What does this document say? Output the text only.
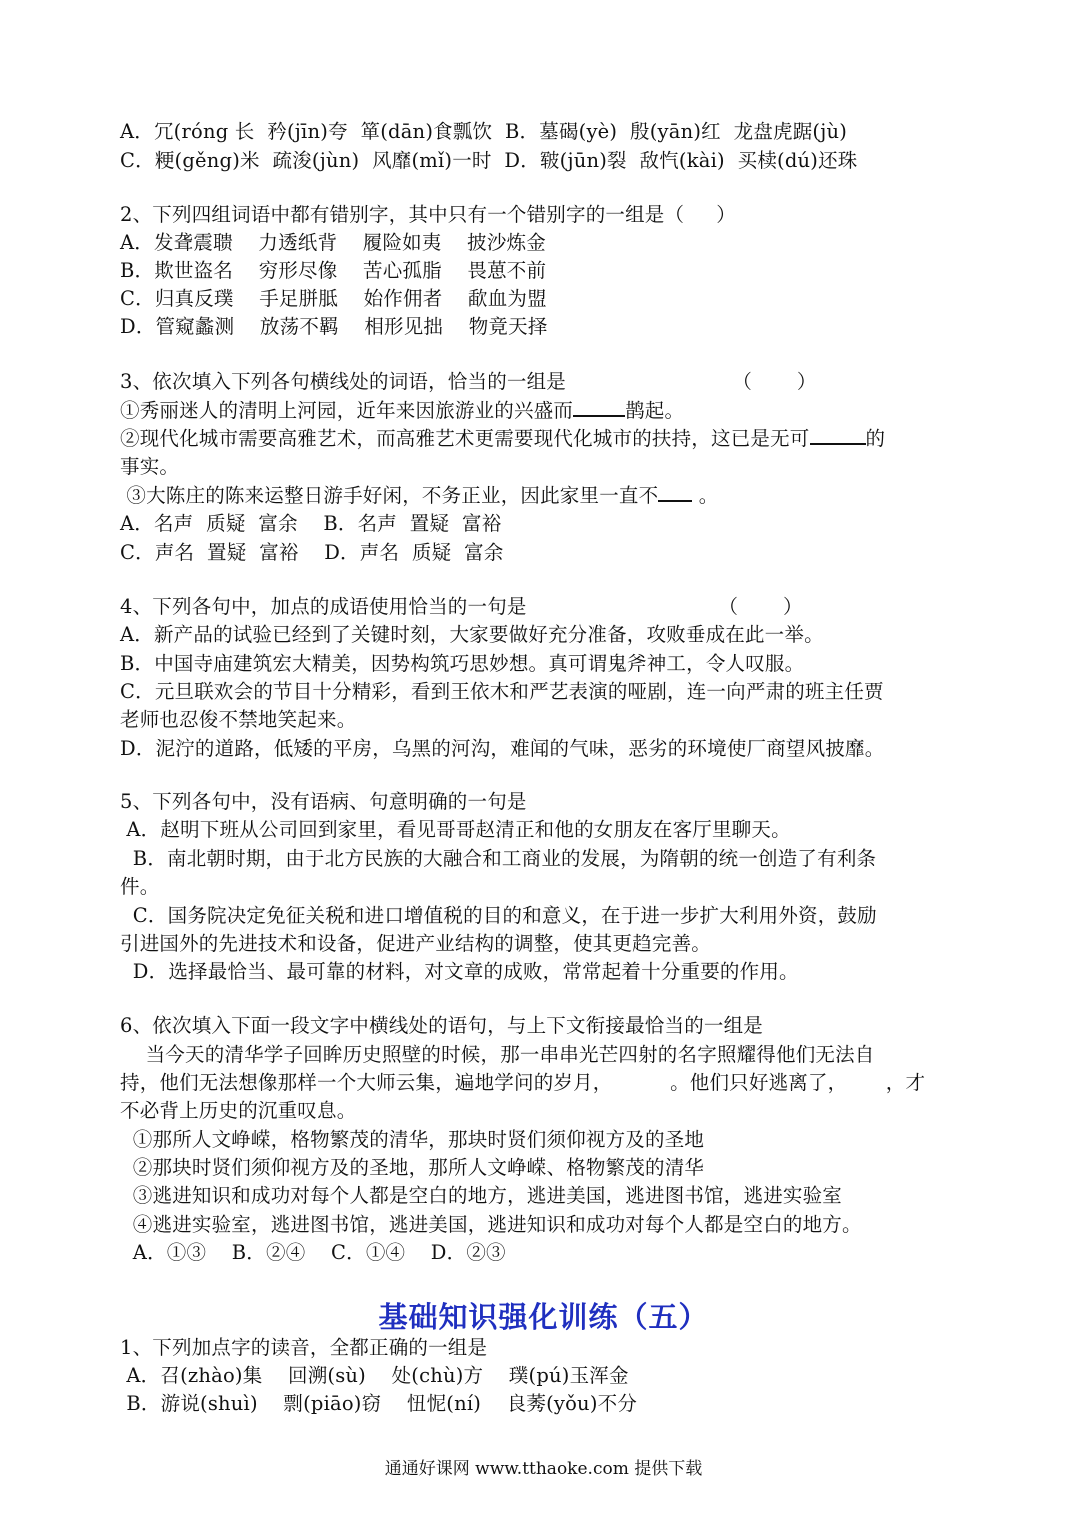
A．冗(róng 长  矜(jīn)夸  箪(dān)食瓢饮  B．墓碣(yè)  殷(yān)红  龙盘虎踞(jù)
C．粳(gěng)米  疏浚(jùn)  风靡(mǐ)一时  D．皲(jūn)裂  敌忾(kài)  买椟(dú)还珠
2、下列四组词语中都有错别字，其中只有一个错别字的一组是（     ）
A．发聋震聩    力透纸背    履险如夷    披沙炼金
B．欺世盗名    穷形尽像    苦心孤脂    畏葸不前
C．归真反璞    手足胼胝    始作佣者    歃血为盟
D．管窥蠡测    放荡不羁    相形见拙    物竟天择
3、依次填入下列各句横线处的词语，恰当的一组是                          （       ）
①秀丽迷人的清明上河园，近年来因旅游业的兴盛而	鹊起。
②现代化城市需要高雅艺术，而高雅艺术更需要现代化城市的扶持，这已是无可	的
事实。
③大陈庄的陈来运整日游手好闲，不务正业，因此家里一直不 。
A．名声  质疑  富余    B．名声  置疑  富裕
C．声名  置疑  富裕    D．声名  质疑  富余
4、下列各句中，加点的成语使用恰当的一句是                              （       ）
A．新产品的试验已经到了关键时刻，大家要做好充分准备，攻败垂成在此一举。
B．中国寺庙建筑宏大精美，因势构筑巧思妙想。真可谓鬼斧神工，令人叹服。
C．元旦联欢会的节目十分精彩，看到王依木和严艺表演的哑剧，连一向严肃的班主任贾
老师也忍俊不禁地笑起来。
D．泥泞的道路，低矮的平房，乌黑的河沟，难闻的气味，恶劣的环境使厂商望风披靡。
5、下列各句中，没有语病、句意明确的一句是
A．赵明下班从公司回到家里，看见哥哥赵清正和他的女朋友在客厅里聊天。
B．南北朝时期，由于北方民族的大融合和工商业的发展，为隋朝的统一创造了有利条
件。
C．国务院决定免征关税和进口增值税的目的和意义，在于进一步扩大利用外资，鼓励
引进国外的先进技术和设备，促进产业结构的调整，使其更趋完善。
D．选择最恰当、最可靠的材料，对文章的成败，常常起着十分重要的作用。
6、依次填入下面一段文字中横线处的语句，与上下文衔接最恰当的一组是
当今天的清华学子回眸历史照壁的时候，那一串串光芒四射的名字照耀得他们无法自
持，他们无法想像那样一个大师云集，遍地学问的岁月，         。他们只好逃离了，      ，才
不必背上历史的沉重叹息。
①那所人文峥嵘，格物繁茂的清华，那块时贤们须仰视方及的圣地
②那块时贤们须仰视方及的圣地，那所人文峥嵘、格物繁茂的清华
③逃进知识和成功对每个人都是空白的地方，逃进美国，逃进图书馆，逃进实验室
④逃进实验室，逃进图书馆，逃进美国，逃进知识和成功对每个人都是空白的地方。
A．①③    B．②④    C．①④    D．②③
基础知识强化训练（五）
1、下列加点字的读音，全都正确的一组是
A．召(zhào)集    回溯(sù)    处(chù)方    璞(pú)玉浑金
B．游说(shuì)    剽(piāo)窃    忸怩(ní)    良莠(yǒu)不分
通通好课网 www.tthaoke.com 提供下载
